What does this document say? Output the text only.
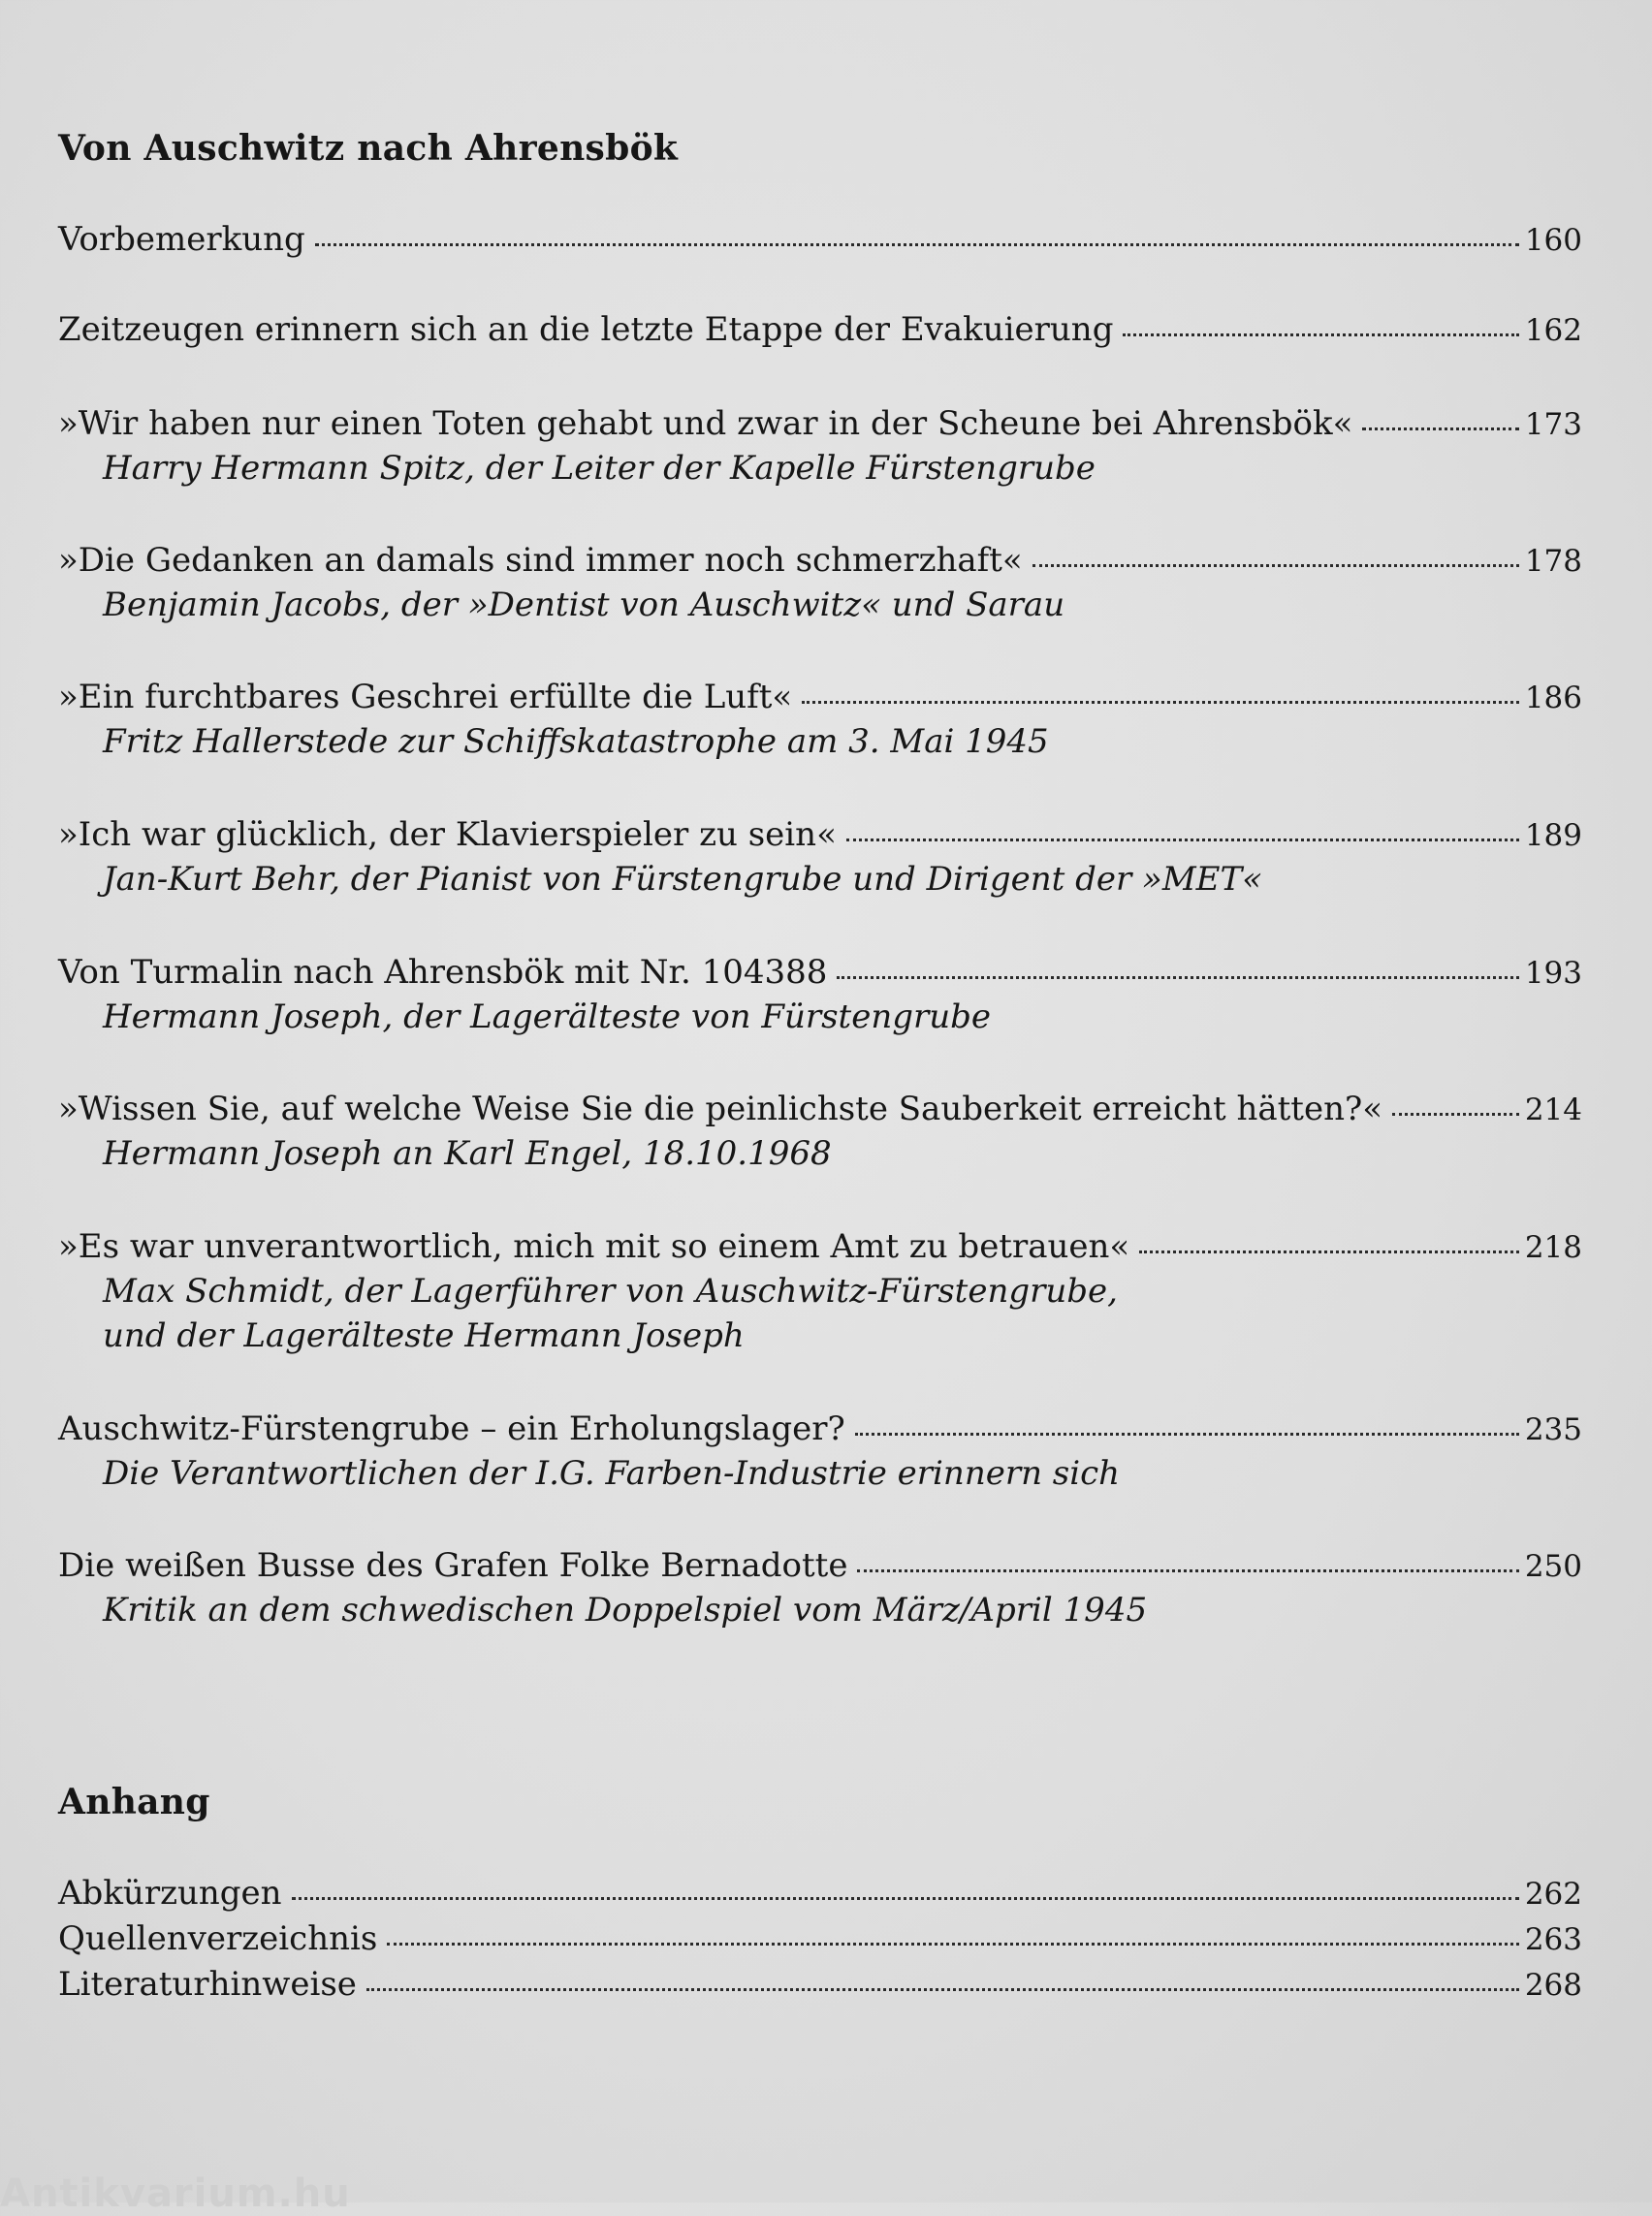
Von Auschwitz nach Ahrensbök
Vorbemerkung	160
Zeitzeugen erinnern sich an die letzte Etappe der Evakuierung	162
»Wir haben nur einen Toten gehabt und zwar in der Scheune bei Ahrensbök«	173
Harry Hermann Spitz, der Leiter der Kapelle Fürstengrube
»Die Gedanken an damals sind immer noch schmerzhaft«	178
Benjamin Jacobs, der »Dentist von Auschwitz« und Sarau
»Ein furchtbares Geschrei erfüllte die Luft«	186
Fritz Hallerstede zur Schiffskatastrophe am 3. Mai 1945
»Ich war glücklich, der Klavierspieler zu sein«	189
Jan-Kurt Behr, der Pianist von Fürstengrube und Dirigent der »MET«
Von Turmalin nach Ahrensbök mit Nr. 104388	193
Hermann Joseph, der Lagerälteste von Fürstengrube
»Wissen Sie, auf welche Weise Sie die peinlichste Sauberkeit erreicht hätten?«	214
Hermann Joseph an Karl Engel, 18.10.1968
»Es war unverantwortlich, mich mit so einem Amt zu betrauen«	218
Max Schmidt, der Lagerführer von Auschwitz-Fürstengrube,
und der Lagerälteste Hermann Joseph
Auschwitz-Fürstengrube – ein Erholungslager?	235
Die Verantwortlichen der I.G. Farben-Industrie erinnern sich
Die weißen Busse des Grafen Folke Bernadotte	250
Kritik an dem schwedischen Doppelspiel vom März/April 1945
Anhang
Abkürzungen	262
Quellenverzeichnis	263
Literaturhinweise	268
Antikvarium.hu
